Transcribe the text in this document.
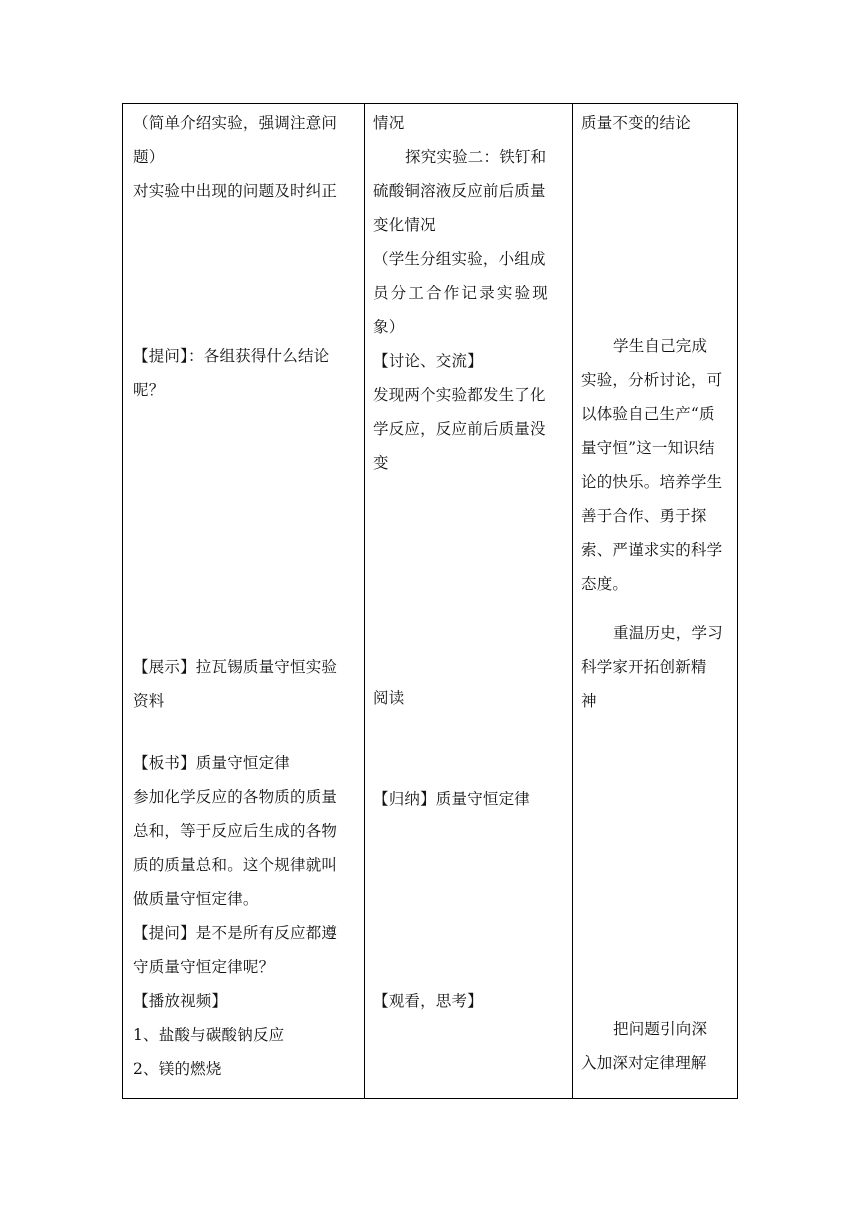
（简单介绍实验，强调注意问
题）
对实验中出现的问题及时纠正
【提问】：各组获得什么结论
呢？
【展示】拉瓦锡质量守恒实验
资料
【板书】质量守恒定律
参加化学反应的各物质的质量
总和，等于反应后生成的各物
质的质量总和。这个规律就叫
做质量守恒定律。
【提问】是不是所有反应都遵
守质量守恒定律呢？
【播放视频】
1、盐酸与碳酸钠反应
2、镁的燃烧
情况
探究实验二：铁钉和
硫酸铜溶液反应前后质量
变化情况
（学生分组实验，小组成
员分工合作记录实验现
象）
【讨论、交流】
发现两个实验都发生了化
学反应，反应前后质量没
变
阅读
【归纳】质量守恒定律
【观看，思考】
质量不变的结论
学生自己完成
实验，分析讨论，可
以体验自己生产“质
量守恒”这一知识结
论的快乐。培养学生
善于合作、勇于探
索、严谨求实的科学
态度。
重温历史，学习
科学家开拓创新精
神
把问题引向深
入加深对定律理解
